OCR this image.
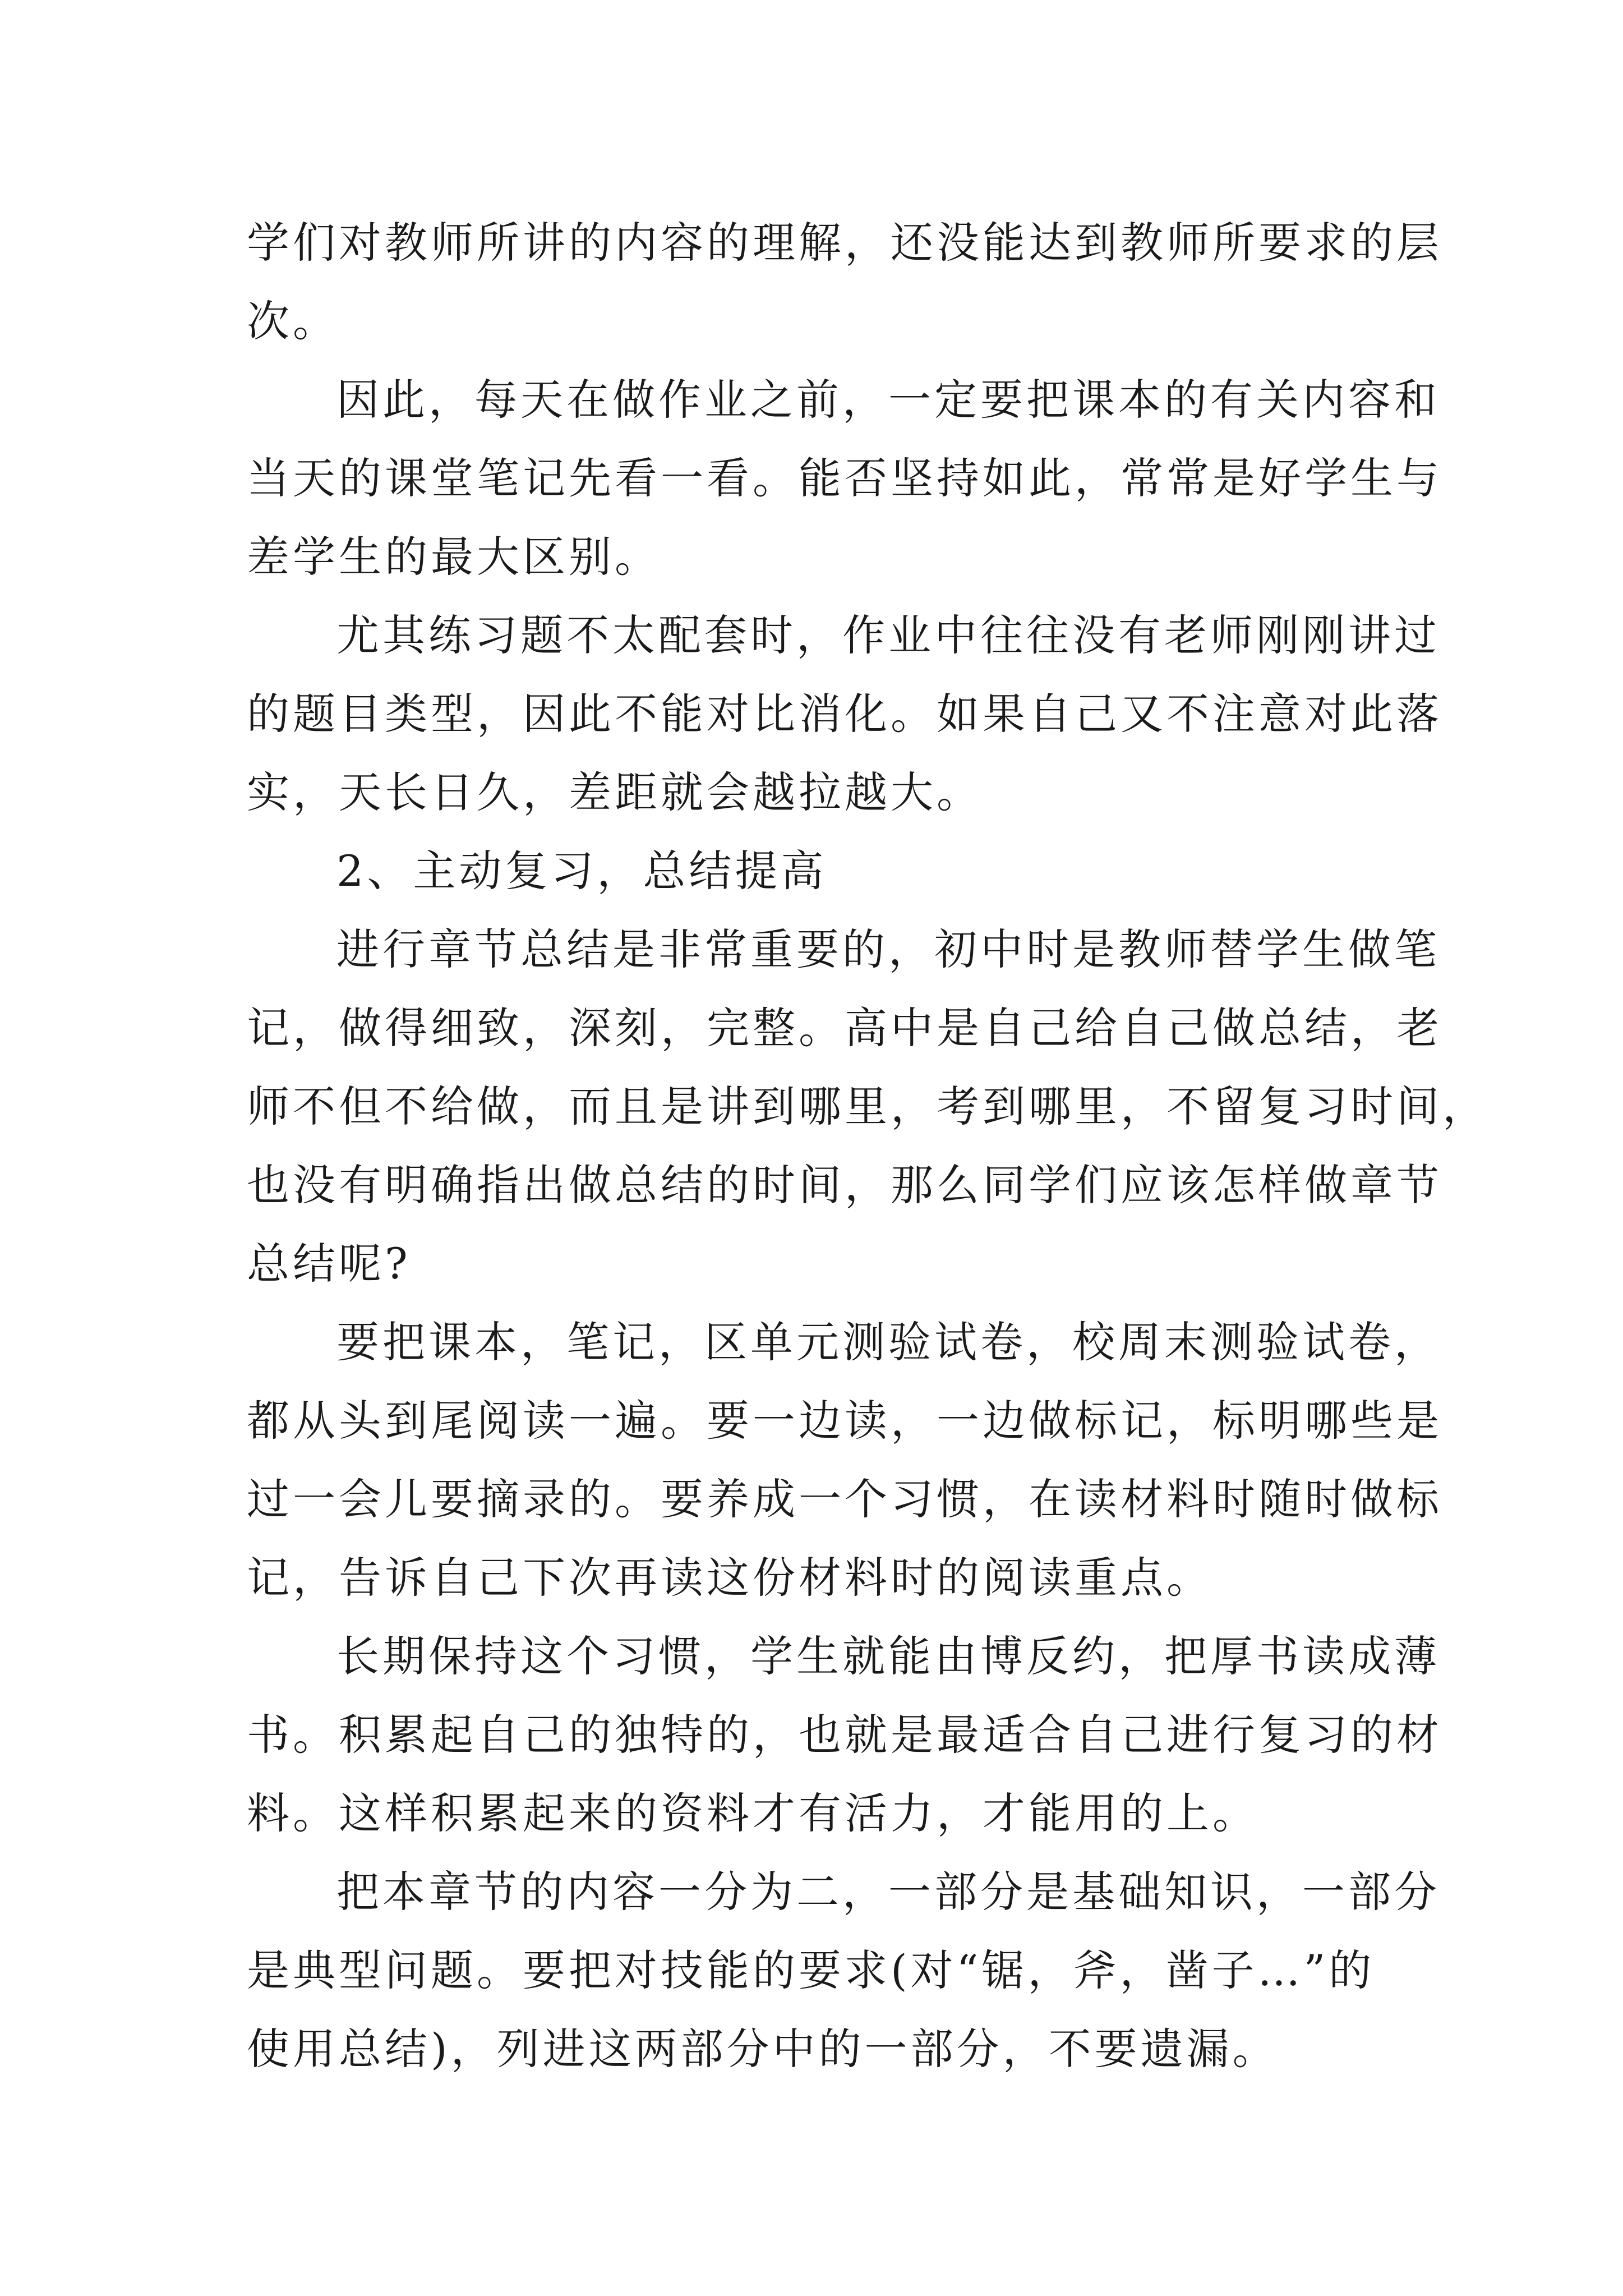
学们对教师所讲的内容的理解，还没能达到教师所要求的层
次。
因此，每天在做作业之前，一定要把课本的有关内容和
当天的课堂笔记先看一看。能否坚持如此，常常是好学生与
差学生的最大区别。
尤其练习题不太配套时，作业中往往没有老师刚刚讲过
的题目类型，因此不能对比消化。如果自己又不注意对此落
实，天长日久，差距就会越拉越大。
2、主动复习，总结提高
进行章节总结是非常重要的，初中时是教师替学生做笔
记，做得细致，深刻，完整。高中是自己给自己做总结，老
师不但不给做，而且是讲到哪里，考到哪里，不留复习时间，
也没有明确指出做总结的时间，那么同学们应该怎样做章节
总结呢?
要把课本，笔记，区单元测验试卷，校周末测验试卷，
都从头到尾阅读一遍。要一边读，一边做标记，标明哪些是
过一会儿要摘录的。要养成一个习惯，在读材料时随时做标
记，告诉自己下次再读这份材料时的阅读重点。
长期保持这个习惯，学生就能由博反约，把厚书读成薄
书。积累起自己的独特的，也就是最适合自己进行复习的材
料。这样积累起来的资料才有活力，才能用的上。
把本章节的内容一分为二，一部分是基础知识，一部分
是典型问题。要把对技能的要求(对“锯，斧，凿子…”的
使用总结)，列进这两部分中的一部分，不要遗漏。
